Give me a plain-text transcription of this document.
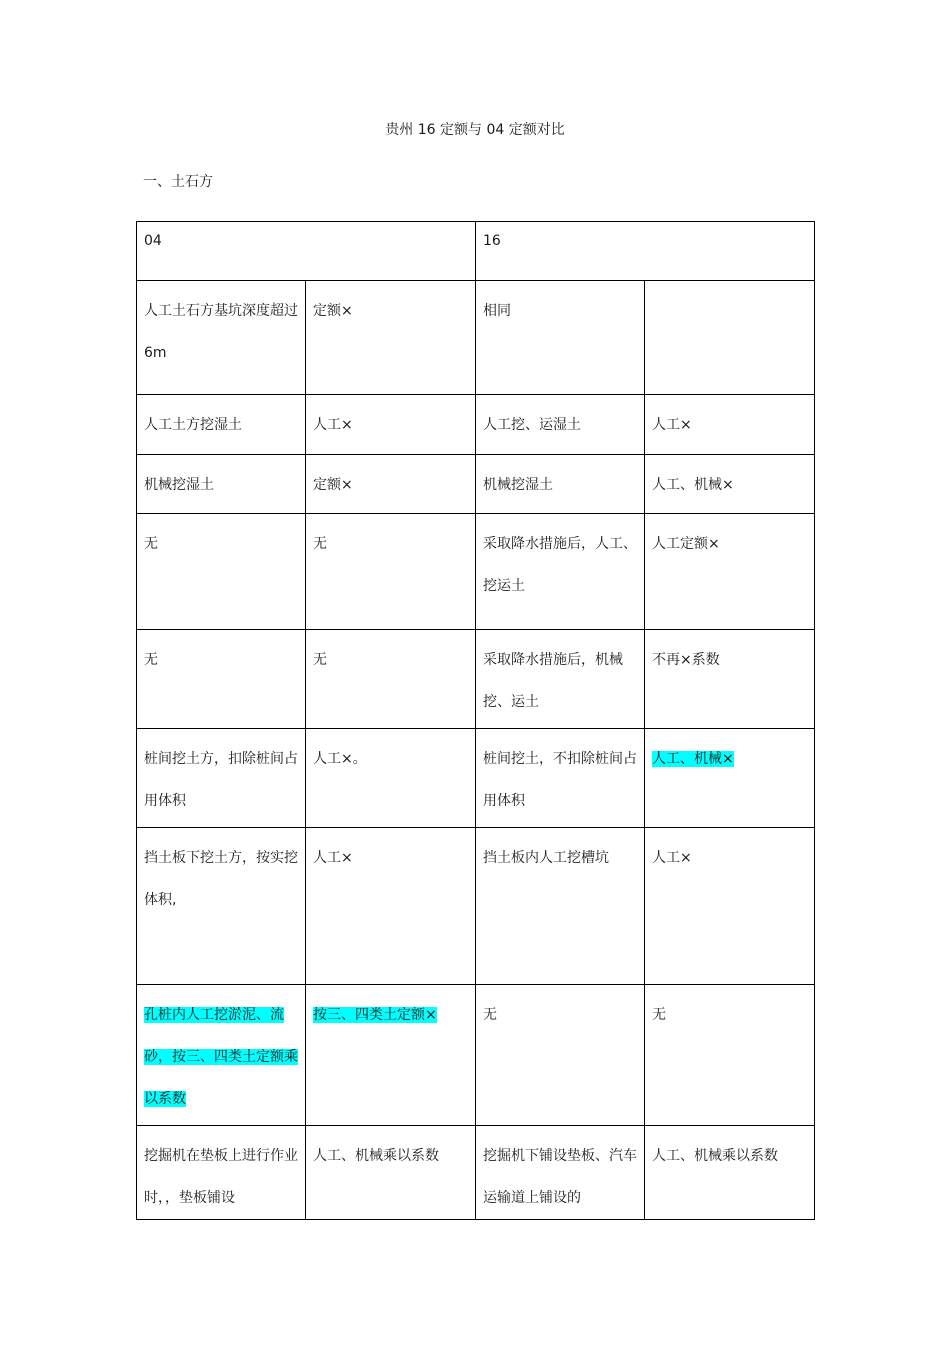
贵州 16 定额与 04 定额对比
一、土石方
04		16	
人工土石方基坑深度超过 6m	定额×	相同	
人工土方挖湿土	人工×	人工挖、运湿土	人工×
机械挖湿土	定额×	机械挖湿土	人工、机械×
无	无	采取降水措施后，人工、挖运土	人工定额×
无	无	采取降水措施后，机械挖、运土	不再×系数
桩间挖土方，扣除桩间占用体积	人工×。	桩间挖土，不扣除桩间占用体积	人工、机械×
挡土板下挖土方，按实挖体积,	人工×	挡土板内人工挖槽坑	人工×
孔桩内人工挖淤泥、流砂，按三、四类土定额乘以系数	按三、四类土定额×	无	无
挖掘机在垫板上进行作业时，，垫板铺设	人工、机械乘以系数	挖掘机下铺设垫板、汽车运输道上铺设的	人工、机械乘以系数
